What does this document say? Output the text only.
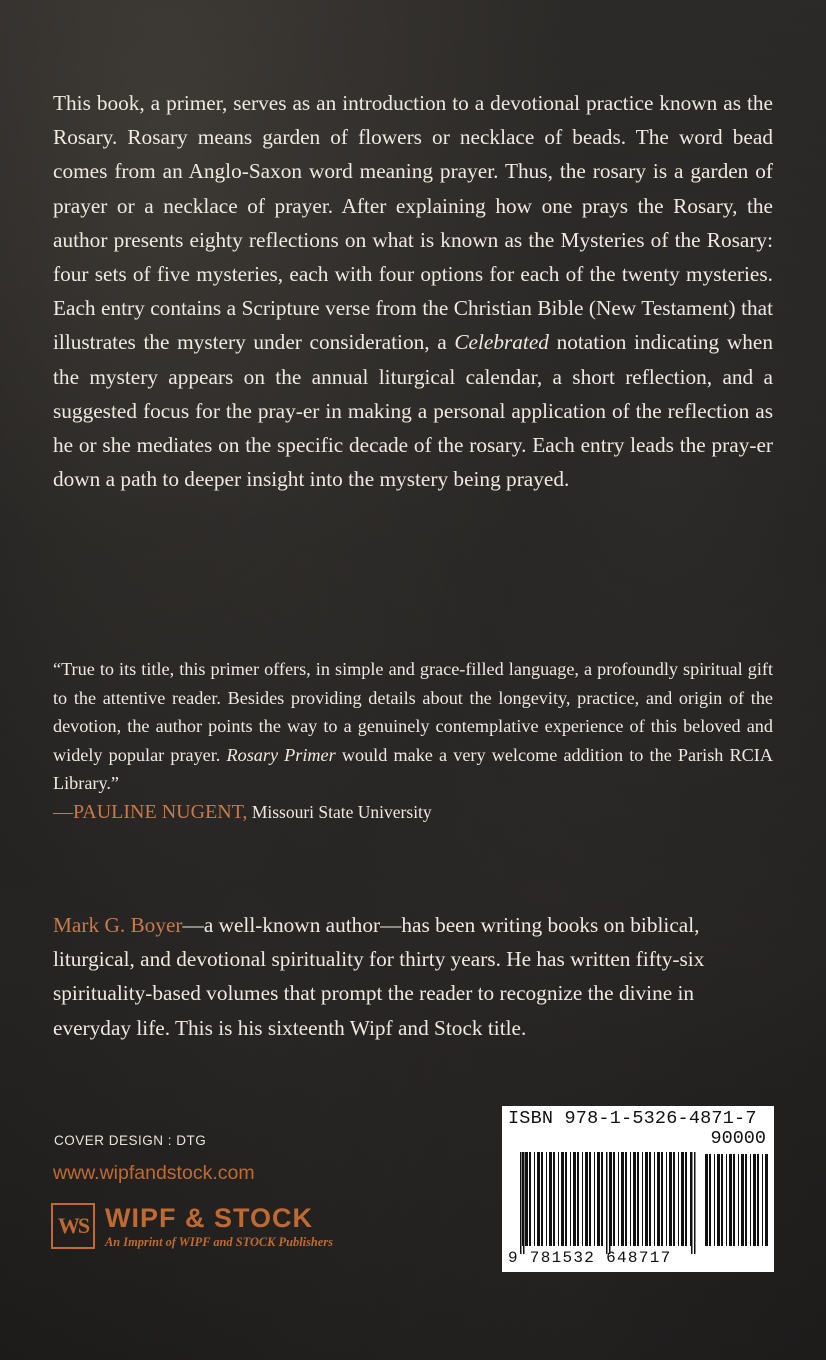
This book, a primer, serves as an introduction to a devotional practice known as the Rosary. Rosary means garden of flowers or necklace of beads. The word bead comes from an Anglo-Saxon word meaning prayer. Thus, the rosary is a garden of prayer or a necklace of prayer. After explaining how one prays the Rosary, the author presents eighty reflections on what is known as the Mysteries of the Rosary: four sets of five mysteries, each with four options for each of the twenty mysteries. Each entry contains a Scripture verse from the Christian Bible (New Testament) that illustrates the mystery under consideration, a Celebrated notation indicating when the mystery appears on the annual liturgical calendar, a short reflection, and a suggested focus for the pray-er in making a personal application of the reflection as he or she mediates on the specific decade of the rosary. Each entry leads the pray-er down a path to deeper insight into the mystery being prayed.
“True to its title, this primer offers, in simple and grace-filled language, a profoundly spiritual gift to the attentive reader. Besides providing details about the longevity, practice, and origin of the devotion, the author points the way to a genuinely contemplative experience of this beloved and widely popular prayer. Rosary Primer would make a very welcome addition to the Parish RCIA Library.”
—PAULINE NUGENT, Missouri State University
Mark G. Boyer—a well-known author—has been writing books on biblical, liturgical, and devotional spirituality for thirty years. He has written fifty-six spirituality-based volumes that prompt the reader to recognize the divine in everyday life. This is his sixteenth Wipf and Stock title.
COVER DESIGN : DTG
www.wipfandstock.com
WS WIPF & STOCK
An Imprint of WIPF and STOCK Publishers
ISBN 978-1-5326-4871-7
90000
9 781532 648717
